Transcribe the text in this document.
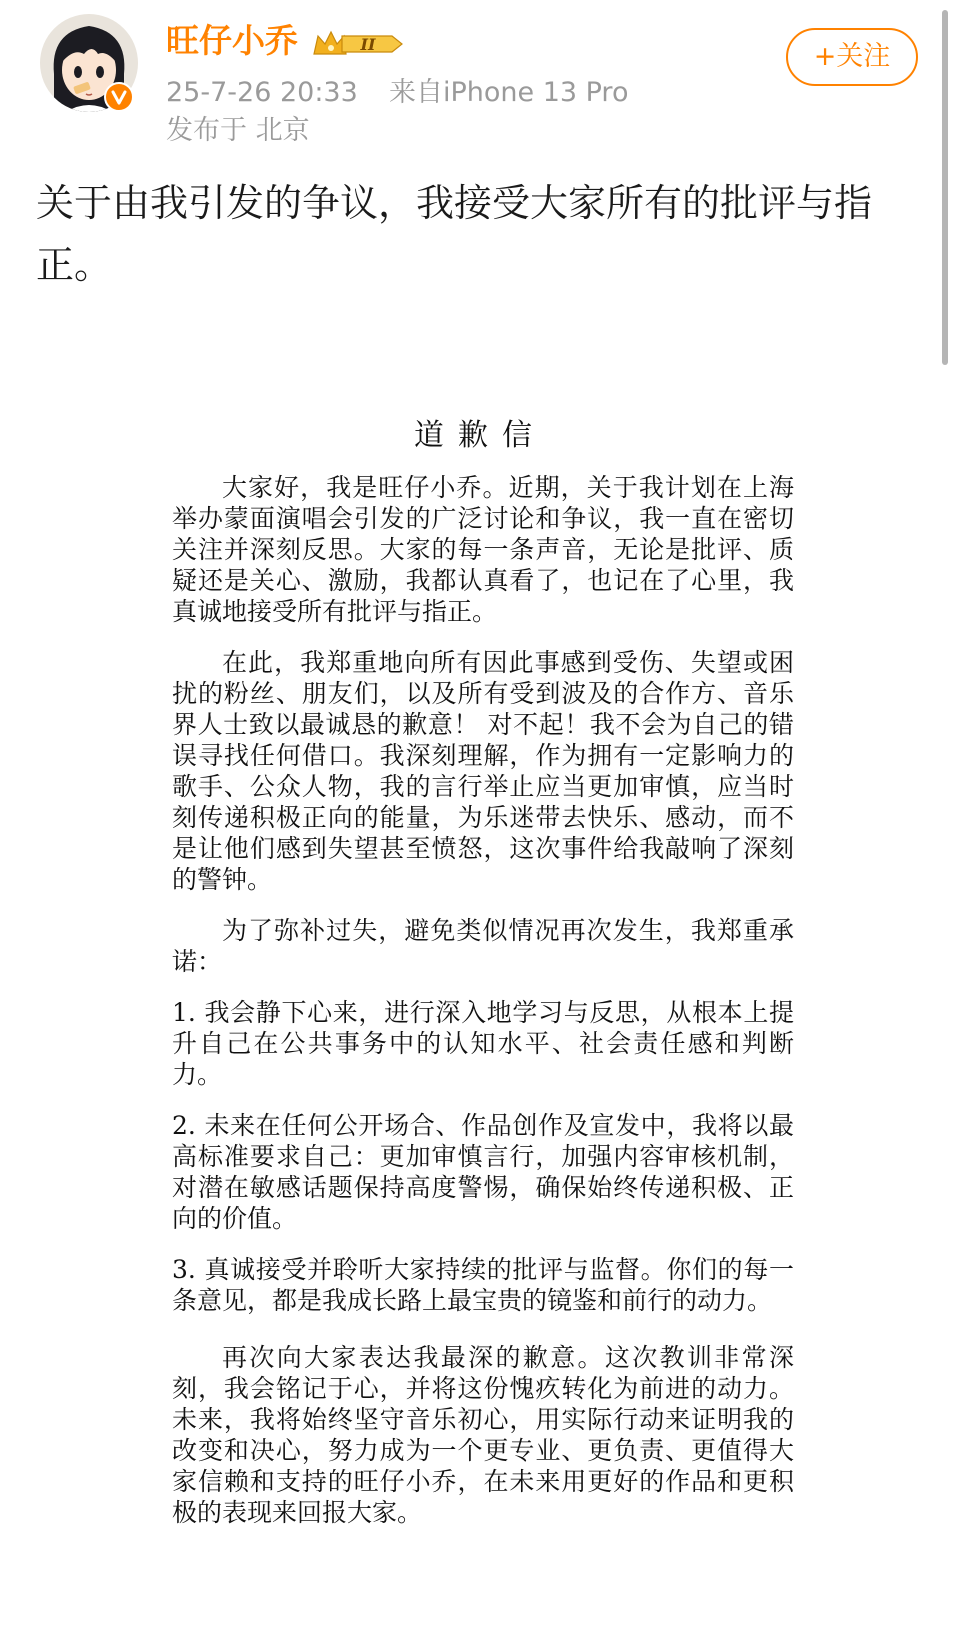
旺仔小乔	II
25-7-26 20:33 来自iPhone 13 Pro
发布于 北京
+关注

关于由我引发的争议，我接受大家所有的批评与指正。

道歉信

大家好，我是旺仔小乔。近期，关于我计划在上海举办蒙面演唱会引发的广泛讨论和争议，我一直在密切关注并深刻反思。大家的每一条声音，无论是批评、质疑还是关心、激励，我都认真看了，也记在了心里，我真诚地接受所有批评与指正。

在此，我郑重地向所有因此事感到受伤、失望或困扰的粉丝、朋友们，以及所有受到波及的合作方、音乐界人士致以最诚恳的歉意！ 对不起！我不会为自己的错误寻找任何借口。我深刻理解，作为拥有一定影响力的歌手、公众人物，我的言行举止应当更加审慎，应当时刻传递积极正向的能量，为乐迷带去快乐、感动，而不是让他们感到失望甚至愤怒，这次事件给我敲响了深刻的警钟。

为了弥补过失，避免类似情况再次发生，我郑重承诺：

1. 我会静下心来，进行深入地学习与反思，从根本上提升自己在公共事务中的认知水平、社会责任感和判断力。

2. 未来在任何公开场合、作品创作及宣发中，我将以最高标准要求自己：更加审慎言行，加强内容审核机制，对潜在敏感话题保持高度警惕，确保始终传递积极、正向的价值。

3. 真诚接受并聆听大家持续的批评与监督。你们的每一条意见，都是我成长路上最宝贵的镜鉴和前行的动力。

再次向大家表达我最深的歉意。这次教训非常深刻，我会铭记于心，并将这份愧疚转化为前进的动力。未来，我将始终坚守音乐初心，用实际行动来证明我的改变和决心，努力成为一个更专业、更负责、更值得大家信赖和支持的旺仔小乔，在未来用更好的作品和更积极的表现来回报大家。
